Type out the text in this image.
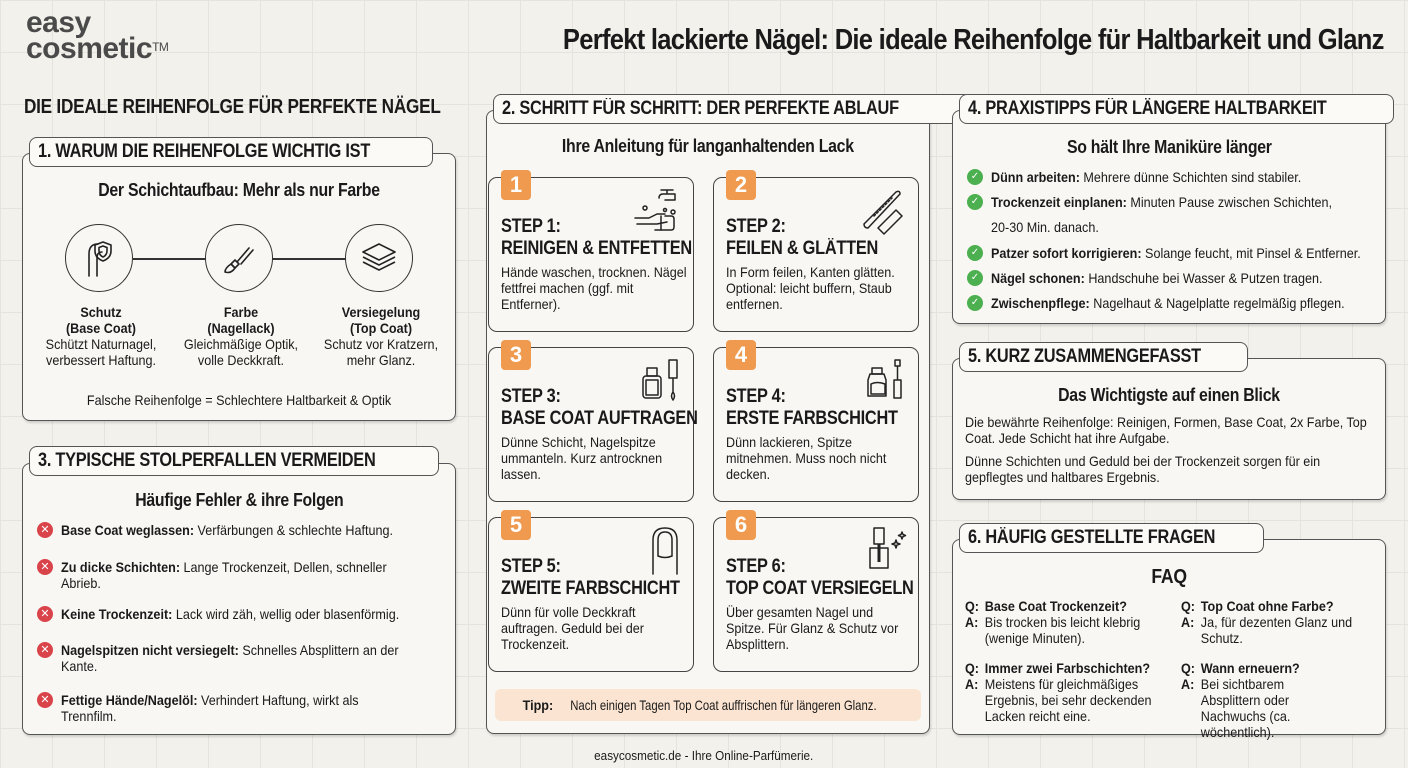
easy
cosmetic™	Perfekt lackierte Nägel: Die ideale Reihenfolge für Haltbarkeit und Glanz
DIE IDEALE REIHENFOLGE FÜR PERFEKTE NÄGEL
1. WARUM DIE REIHENFOLGE WICHTIG IST
Der Schichtaufbau: Mehr als nur Farbe
Schutz
(Base Coat)
Schützt Naturnagel,
verbessert Haftung.
Farbe
(Nagellack)
Gleichmäßige Optik,
volle Deckkraft.
Versiegelung
(Top Coat)
Schutz vor Kratzern,
mehr Glanz.
Falsche Reihenfolge = Schlechtere Haltbarkeit & Optik
3. TYPISCHE STOLPERFALLEN VERMEIDEN
Häufige Fehler & ihre Folgen
✕ Base Coat weglassen: Verfärbungen & schlechte Haftung.
✕ Zu dicke Schichten: Lange Trockenzeit, Dellen, schneller Abrieb.
✕ Keine Trockenzeit: Lack wird zäh, wellig oder blasenförmig.
✕ Nagelspitzen nicht versiegelt: Schnelles Absplittern an der Kante.
✕ Fettige Hände/Nagelöl: Verhindert Haftung, wirkt als Trennfilm.
2. SCHRITT FÜR SCHRITT: DER PERFEKTE ABLAUF
Ihre Anleitung für langanhaltenden Lack
1
STEP 1:
REINIGEN & ENTFETTEN
Hände waschen, trocknen. Nägel fettfrei machen (ggf. mit Entferner).
2
STEP 2:
FEILEN & GLÄTTEN
In Form feilen, Kanten glätten. Optional: leicht buffern, Staub entfernen.
3
STEP 3:
BASE COAT AUFTRAGEN
Dünne Schicht, Nagelspitze ummanteln. Kurz antrocknen lassen.
4
STEP 4:
ERSTE FARBSCHICHT
Dünn lackieren, Spitze mitnehmen. Muss noch nicht decken.
5
STEP 5:
ZWEITE FARBSCHICHT
Dünn für volle Deckkraft auftragen. Geduld bei der Trockenzeit.
6
STEP 6:
TOP COAT VERSIEGELN
Über gesamten Nagel und Spitze. Für Glanz & Schutz vor Absplittern.
Tipp:Nach einigen Tagen Top Coat auffrischen für längeren Glanz.
4. PRAXISTIPPS FÜR LÄNGERE HALTBARKEIT
So hält Ihre Maniküre länger
✓ Dünn arbeiten: Mehrere dünne Schichten sind stabiler.
✓ Trockenzeit einplanen: Minuten Pause zwischen Schichten,
20-30 Min. danach.
✓ Patzer sofort korrigieren: Solange feucht, mit Pinsel & Entferner.
✓ Nägel schonen: Handschuhe bei Wasser & Putzen tragen.
✓ Zwischenpflege: Nagelhaut & Nagelplatte regelmäßig pflegen.
5. KURZ ZUSAMMENGEFASST
Das Wichtigste auf einen Blick
Die bewährte Reihenfolge: Reinigen, Formen, Base Coat, 2x Farbe, Top Coat. Jede Schicht hat ihre Aufgabe.
Dünne Schichten und Geduld bei der Trockenzeit sorgen für ein gepflegtes und haltbares Ergebnis.
6. HÄUFIG GESTELLTE FRAGEN
FAQ
Q: Base Coat Trockenzeit?
A: Bis trocken bis leicht klebrig (wenige Minuten).
Q: Top Coat ohne Farbe?
A: Ja, für dezenten Glanz und Schutz.
Q: Immer zwei Farbschichten?
A: Meistens für gleichmäßiges Ergebnis, bei sehr deckenden Lacken reicht eine.
Q: Wann erneuern?
A: Bei sichtbarem Absplittern oder Nachwuchs (ca. wöchentlich).
easycosmetic.de - Ihre Online-Parfümerie.
